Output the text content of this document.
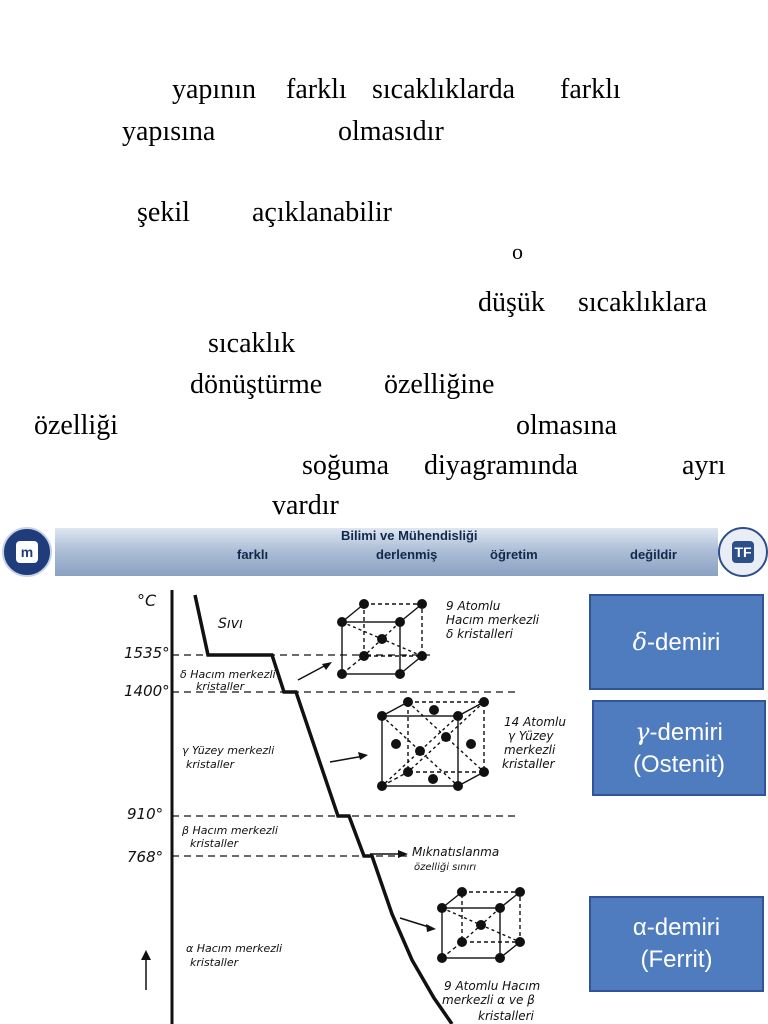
yapının farklı sıcaklıklarda farklı
yapısına	olmasıdır
şekil açıklanabilir
o
düşük sıcaklıklara
sıcaklık
dönüştürme özelliğine
özelliği	olmasına
soğuma diyagramında	ayrı
vardır
m	TF
Bilimi ve Mühendisliği
farklı	derlenmiş	öğretim	değildir
°C
1535°
1400°
910°
768°
Sıvı
δ Hacım merkezli
kristaller
γ Yüzey merkezli
kristaller
β Hacım merkezli
kristaller
α Hacım merkezli
kristaller
9 Atomlu
Hacım merkezli
δ kristalleri
14 Atomlu
γ Yüzey
merkezli
kristaller
Mıknatıslanma
özelliği sınırı
9 Atomlu Hacım
merkezli α ve β
kristalleri
δ-demiri
γ-demiri
(Ostenit)
α-demiri
(Ferrit)
